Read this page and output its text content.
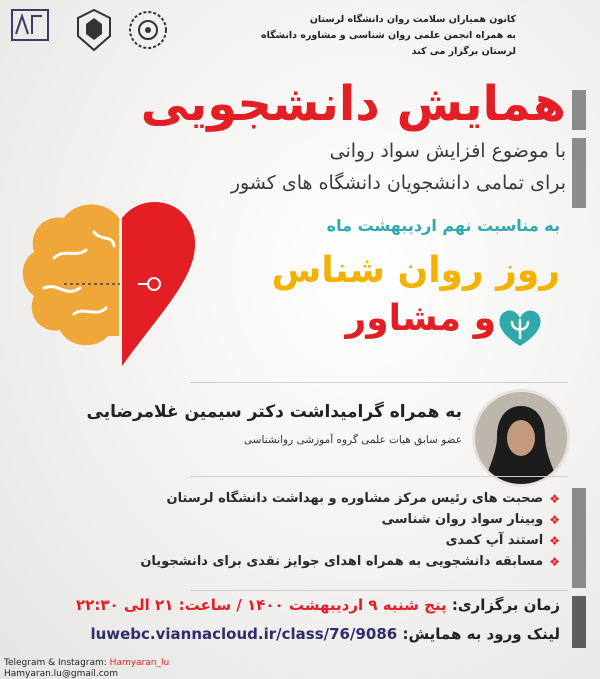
کانون همیاران سلامت روان دانشگاه لرستان
به همراه انجمن علمی روان شناسی و مشاوره دانشگاه لرستان برگزار می کند
همایش دانشجویی
با موضوع افزایش سواد روانی
برای تمامی دانشجویان دانشگاه های کشور
به مناسبت نهم اردیبهشت ماه
روز روان شناس
و مشاور
به همراه گرامیداشت دکتر سیمین غلامرضایی
عضو سابق هیات علمی گروه آموزشی روانشناسی
❖
صحبت های رئیس مرکز مشاوره و بهداشت دانشگاه لرستان
❖
وبینار سواد روان شناسی
❖
استند آپ کمدی
❖
مسابقه دانشجویی به همراه اهدای جوایز نقدی برای دانشجویان
زمان برگزاری: پنج شنبه ۹ اردیبهشت ۱۴۰۰ / ساعت: ۲۱ الی ۲۲:۳۰
لینک ورود به همایش: luwebc.viannacloud.ir/class/76/9086
Telegram & Instagram: Hamyaran_lu
Hamyaran.lu@gmail.com
